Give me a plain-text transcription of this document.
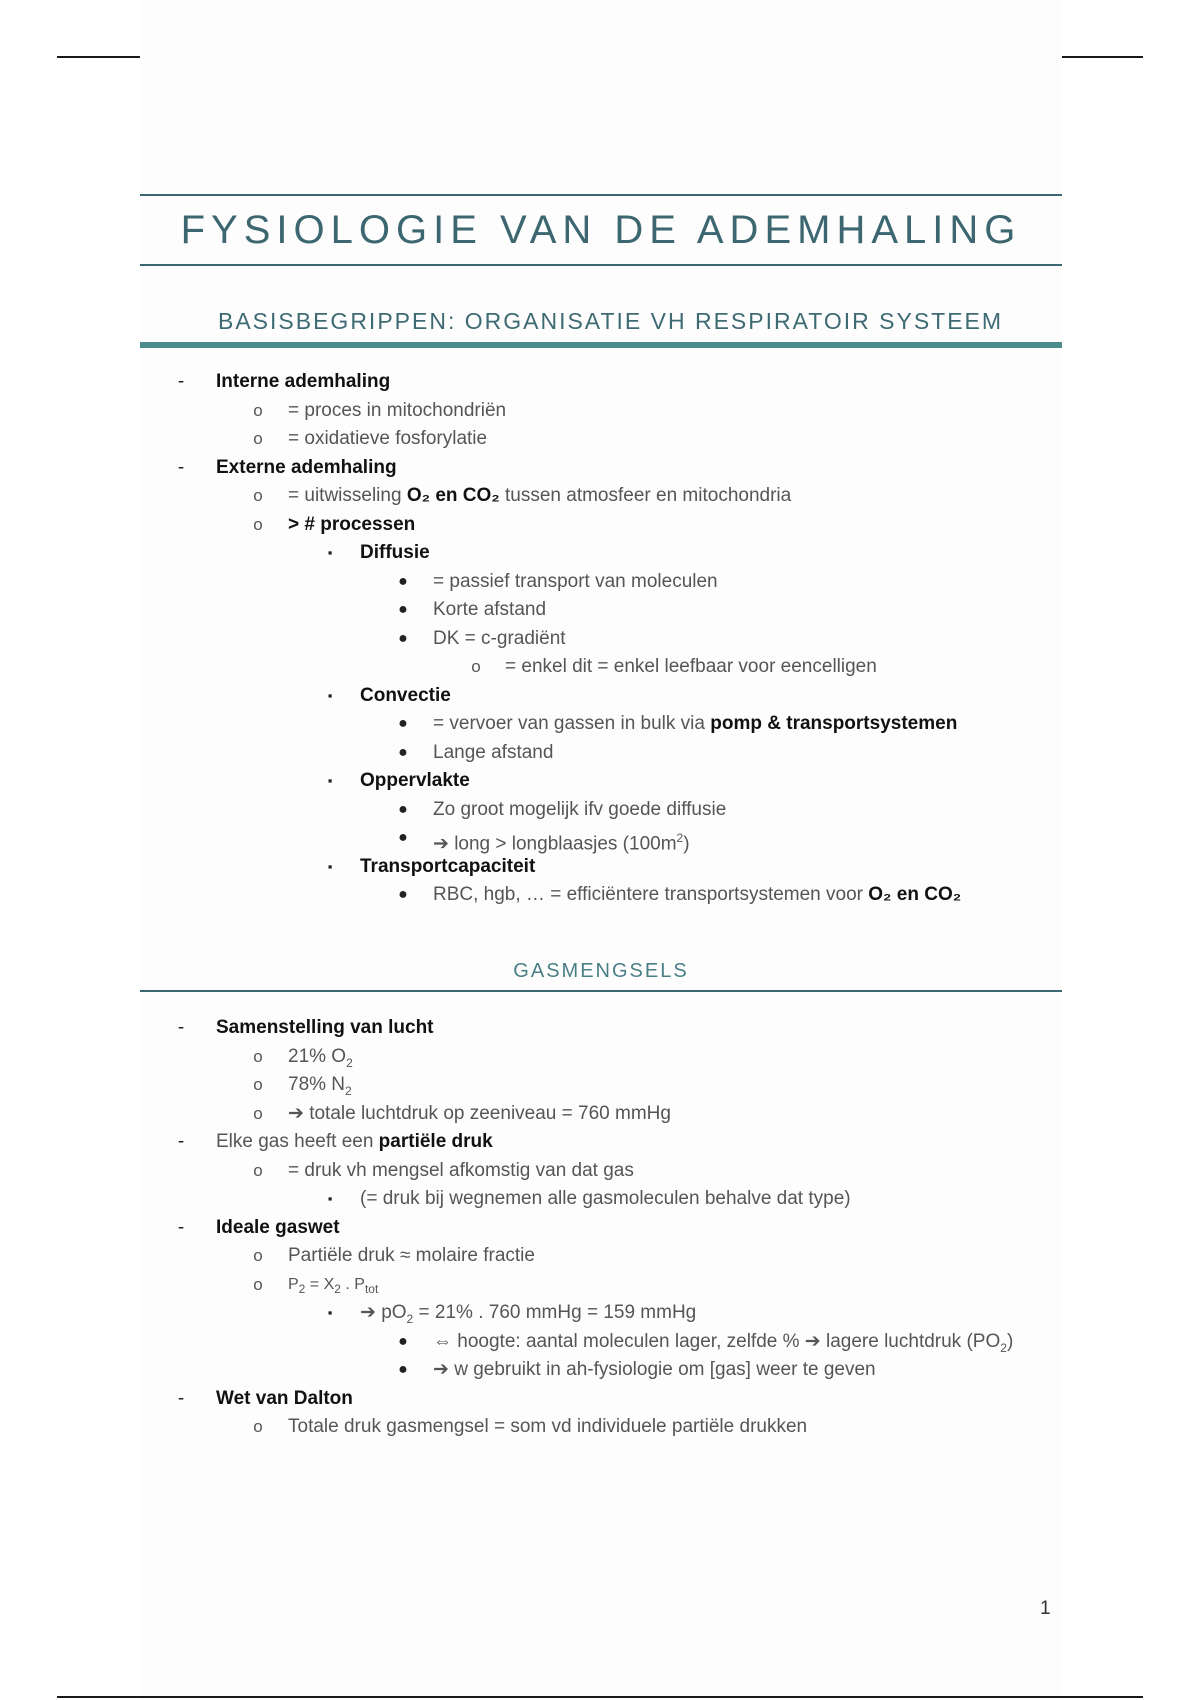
FYSIOLOGIE VAN DE ADEMHALING
BASISBEGRIPPEN: ORGANISATIE VH RESPIRATOIR SYSTEEM
-	Interne ademhaling
o = proces in mitochondriën
o = oxidatieve fosforylatie
-	Externe ademhaling
o = uitwisseling O₂ en CO₂ tussen atmosfeer en mitochondria
o > # processen
▪	Diffusie
● = passief transport van moleculen
● Korte afstand
● DK = c-gradiënt
o = enkel dit = enkel leefbaar voor eencelligen
▪	Convectie
● = vervoer van gassen in bulk via pomp & transportsystemen
● Lange afstand
▪	Oppervlakte
● Zo groot mogelijk ifv goede diffusie
● ➔ long > longblaasjes $(100m^2)$
▪	Transportcapaciteit
● RBC, hgb, … = efficiëntere transportsystemen voor O₂ en CO₂
GASMENGSELS
-	Samenstelling van lucht
o 21% $O_2$
o 78% $N_2$
o ➔ totale luchtdruk op zeeniveau = 760 mmHg
-	Elke gas heeft een partiële druk
o = druk vh mengsel afkomstig van dat gas
▪	(= druk bij wegnemen alle gasmoleculen behalve dat type)
-	Ideale gaswet
o Partiële druk ≈ molaire fractie
o	$P_2 = X_2$ . $P_{tot}$
▪	➔ $pO_2 = 21\%$ . 760 mmHg = 159 mmHg
● ⇔ hoogte: aantal moleculen lager, zelfde % ➔ lagere luchtdruk $(PO_2)$
● ➔ w gebruikt in ah-fysiologie om [gas] weer te geven
-	Wet van Dalton
o Totale druk gasmengsel = som vd individuele partiële drukken
1
